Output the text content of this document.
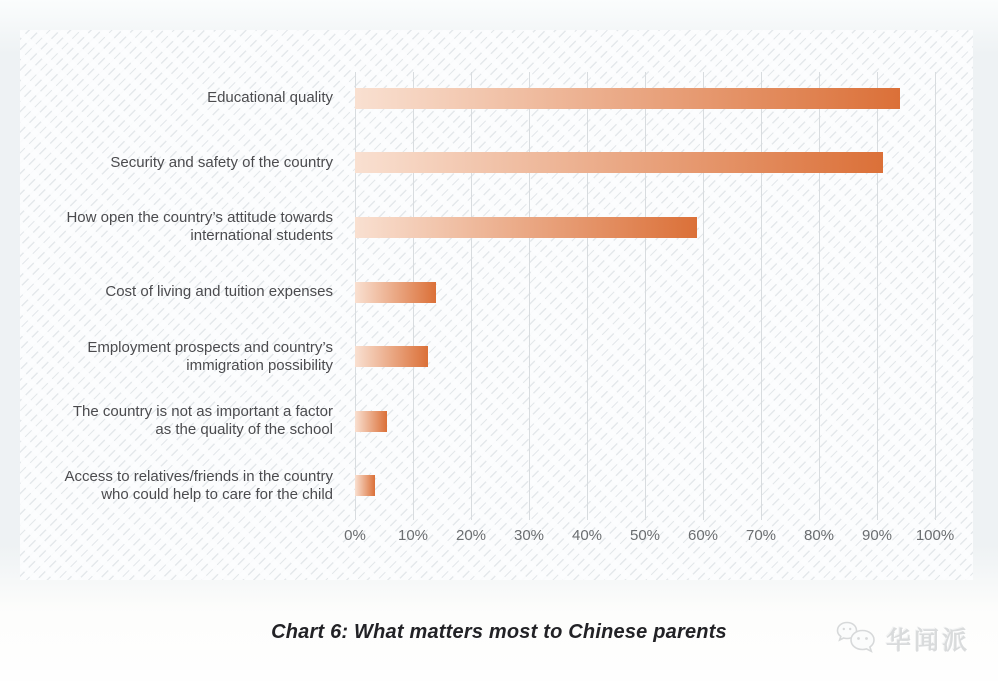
Educational quality
Security and safety of the country
How open the country’s attitude towards
international students
Cost of living and tuition expenses
Employment prospects and country’s
immigration possibility
The country is not as important a factor
as the quality of the school
Access to relatives/friends in the country
who could help to care for the child
0% 10% 20% 30% 40% 50% 60% 70% 80% 90% 100%
Chart 6: What matters most to Chinese parents	华闻派
